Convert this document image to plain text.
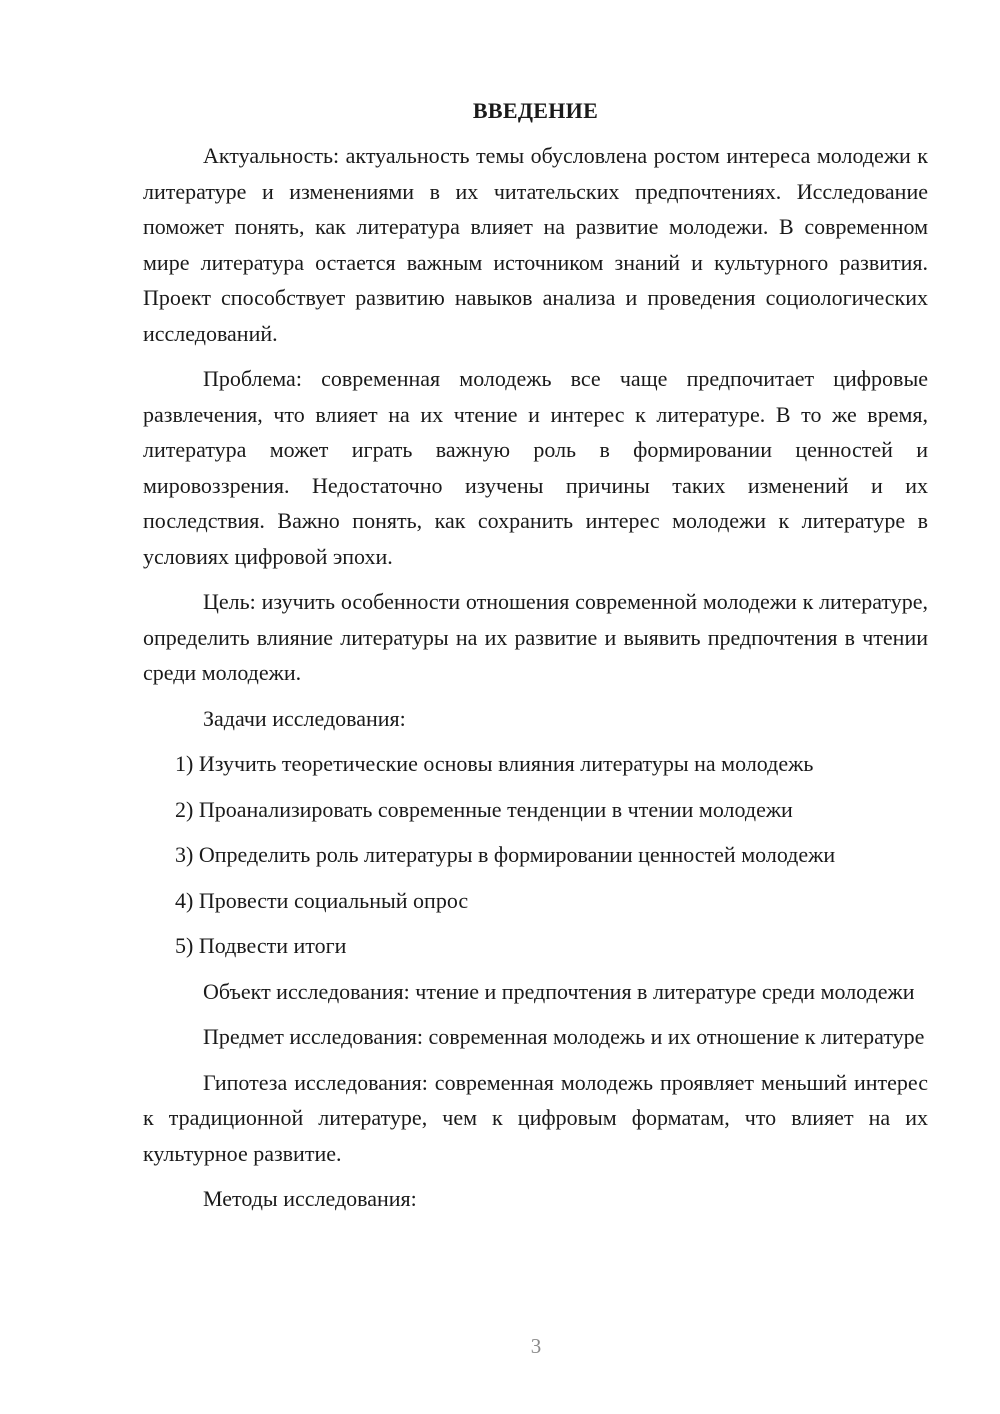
ВВЕДЕНИЕ

Актуальность: актуальность темы обусловлена ростом интереса молодежи к литературе и изменениями в их читательских предпочтениях. Исследование поможет понять, как литература влияет на развитие молодежи. В современном мире литература остается важным источником знаний и культурного развития. Проект способствует развитию навыков анализа и проведения социологических исследований.

Проблема: современная молодежь все чаще предпочитает цифровые развлечения, что влияет на их чтение и интерес к литературе. В то же время, литература может играть важную роль в формировании ценностей и мировоззрения. Недостаточно изучены причины таких изменений и их последствия. Важно понять, как сохранить интерес молодежи к литературе в условиях цифровой эпохи.

Цель: изучить особенности отношения современной молодежи к литературе, определить влияние литературы на их развитие и выявить предпочтения в чтении среди молодежи.

Задачи исследования:

1) Изучить теоретические основы влияния литературы на молодежь
2) Проанализировать современные тенденции в чтении молодежи
3) Определить роль литературы в формировании ценностей молодежи
4) Провести социальный опрос
5) Подвести итоги

Объект исследования: чтение и предпочтения в литературе среди молодежи

Предмет исследования: современная молодежь и их отношение к литературе

Гипотеза исследования: современная молодежь проявляет меньший интерес к традиционной литературе, чем к цифровым форматам, что влияет на их культурное развитие.

Методы исследования:

3
